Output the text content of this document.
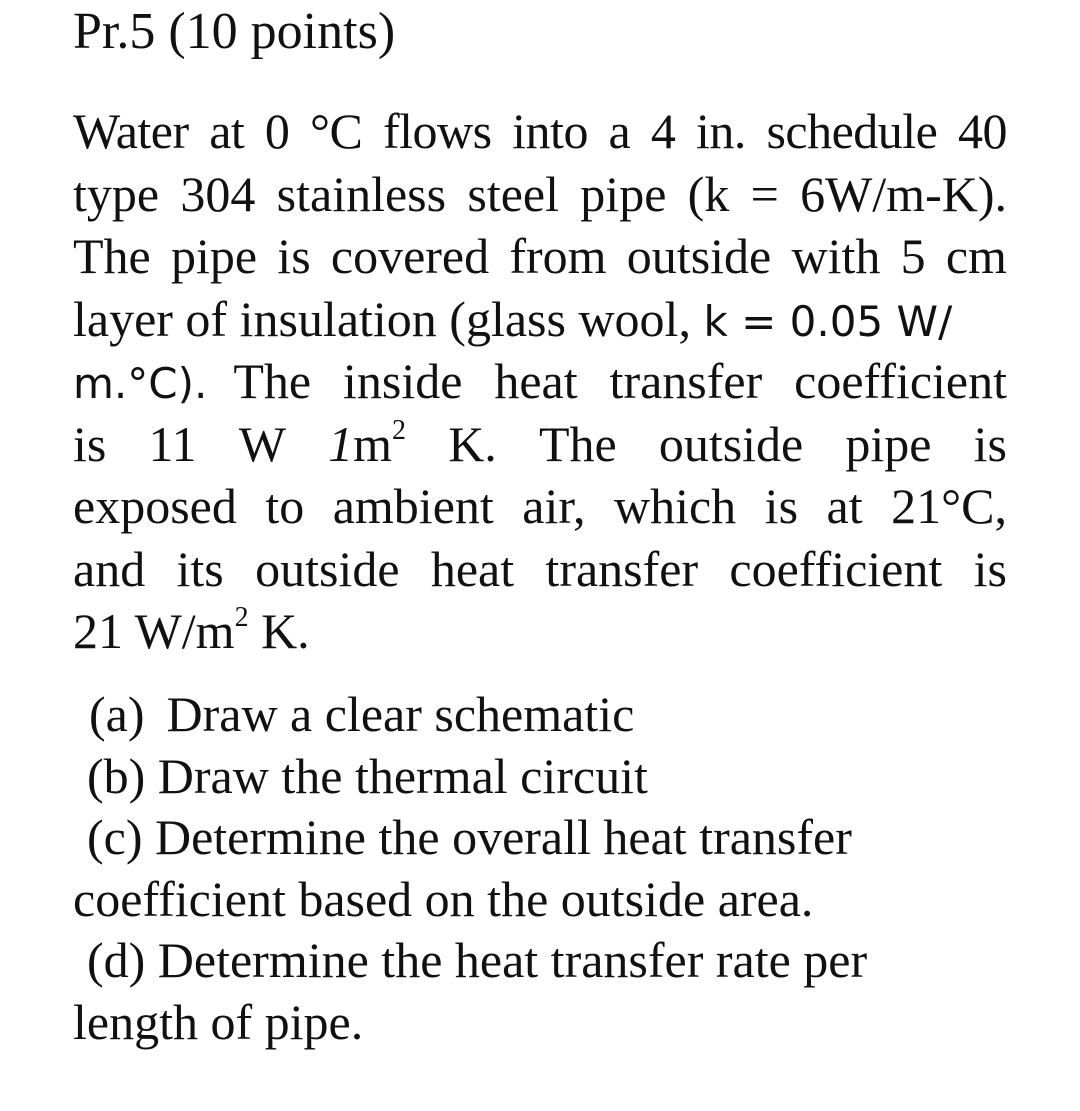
Pr.5 (10 points)
Water at 0 °C flows into a 4 in. schedule 40
type 304 stainless steel pipe (k = 6W/m-K).
The pipe is covered from outside with 5 cm
layer of insulation (glass wool, k = 0.05 W/
m.°C). The inside heat transfer coefficient
is 11 W $1m^2$ K. The outside pipe is
exposed to ambient air, which is at 21°C,
and its outside heat transfer coefficient is
21 $W/m^2$ K.
(a) Draw a clear schematic
(b) Draw the thermal circuit
(c) Determine the overall heat transfer
coefficient based on the outside area.
(d) Determine the heat transfer rate per
length of pipe.
